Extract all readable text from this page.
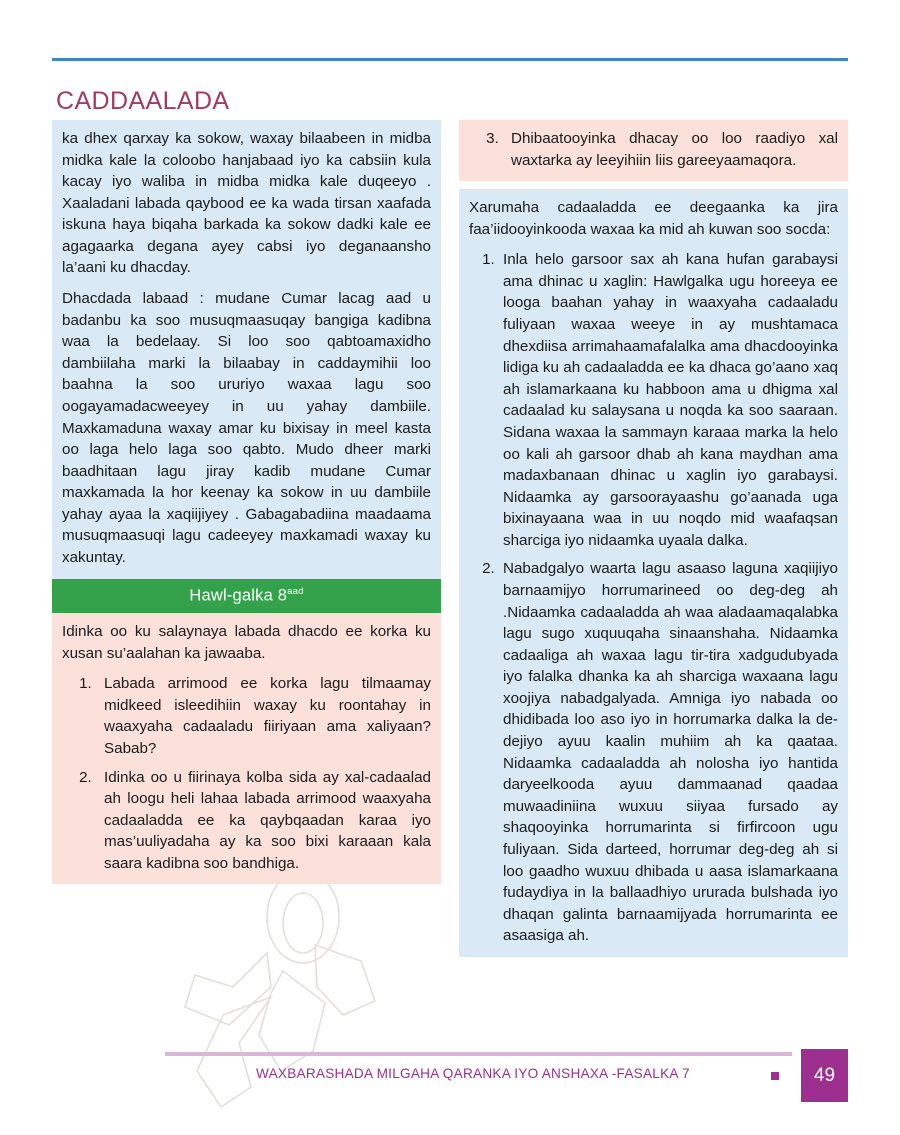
CADDAALADA

ka dhex qarxay ka sokow, waxay bilaabeen in midba midka kale la coloobo hanjabaad iyo ka cabsiin kula kacay iyo waliba in midba midka kale duqeeyo . Xaaladani labada qaybood ee ka wada tirsan xaafada iskuna haya biqaha barkada ka sokow dadki kale ee agagaarka degana ayey cabsi iyo deganaansho la’aani ku dhacday.

Dhacdada labaad : mudane Cumar lacag aad u badanbu ka soo musuqmaasuqay bangiga kadibna waa la bedelaay. Si loo soo qabtoamaxidho dambiilaha marki la bilaabay in caddaymihii loo baahna la soo ururiyo waxaa lagu soo oogayamadacweeyey in uu yahay dambiile. Maxkamaduna waxay amar ku bixisay in meel kasta oo laga helo laga soo qabto. Mudo dheer marki baadhitaan lagu jiray kadib mudane Cumar maxkamada la hor keenay ka sokow in uu dambiile yahay ayaa la xaqiijiyey . Gabagabadiina maadaama musuqmaasuqi lagu cadeeyey maxkamadi waxay ku xakuntay.

Hawl-galka $8^{aad}$

Idinka oo ku salaynaya labada dhacdo ee korka ku xusan su’aalahan ka jawaaba.

1. Labada arrimood ee korka lagu tilmaamay midkeed isleedihiin waxay ku roontahay in waaxyaha cadaaladu fiiriyaan ama xaliyaan? Sabab?
2. Idinka oo u fiirinaya kolba sida ay xal-cadaalad ah loogu heli lahaa labada arrimood waaxyaha cadaaladda ee ka qaybqaadan karaa iyo mas’uuliyadaha ay ka soo bixi karaaan kala saara kadibna soo bandhiga.
3. Dhibaatooyinka dhacay oo loo raadiyo xal waxtarka ay leeyihiin liis gareeyaamaqora.

Xarumaha cadaaladda ee deegaanka ka jira faa’iidooyinkooda waxaa ka mid ah kuwan soo socda:

1. Inla helo garsoor sax ah kana hufan garabaysi ama dhinac u xaglin: Hawlgalka ugu horeeya ee looga baahan yahay in waaxyaha cadaaladu fuliyaan waxaa weeye in ay mushtamaca dhexdiisa arrimahaamafalalka ama dhacdooyinka lidiga ku ah cadaaladda ee ka dhaca go’aano xaq ah islamarkaana ku habboon ama u dhigma xal cadaalad ku salaysana u noqda ka soo saaraan. Sidana waxaa la sammayn karaaa marka la helo oo kali ah garsoor dhab ah kana maydhan ama madaxbanaan dhinac u xaglin iyo garabaysi. Nidaamka ay garsoorayaashu go’aanada uga bixinayaana waa in uu noqdo mid waafaqsan sharciga iyo nidaamka uyaala dalka.
2. Nabadgalyo waarta lagu asaaso laguna xaqiijiyo barnaamijyo horrumarineed oo deg-deg ah .Nidaamka cadaaladda ah waa aladaamaqalabka lagu sugo xuquuqaha sinaanshaha. Nidaamka cadaaliga ah waxaa lagu tir-tira xadgudubyada iyo falalka dhanka ka ah sharciga waxaana lagu xoojiya nabadgalyada. Amniga iyo nabada oo dhidibada loo aso iyo in horrumarka dalka la de-dejiyo ayuu kaalin muhiim ah ka qaataa. Nidaamka cadaaladda ah nolosha iyo hantida daryeelkooda ayuu dammaanad qaadaa muwaadiniina wuxuu siiyaa fursado ay shaqooyinka horrumarinta si firfircoon ugu fuliyaan. Sida darteed, horrumar deg-deg ah si loo gaadho wuxuu dhibada u aasa islamarkaana fudaydiya in la ballaadhiyo ururada bulshada iyo dhaqan galinta barnaamijyada horrumarinta ee asaasiga ah.
WAXBARASHADA MILGAHA QARANKA IYO ANSHAXA -FASALKA 7	49
